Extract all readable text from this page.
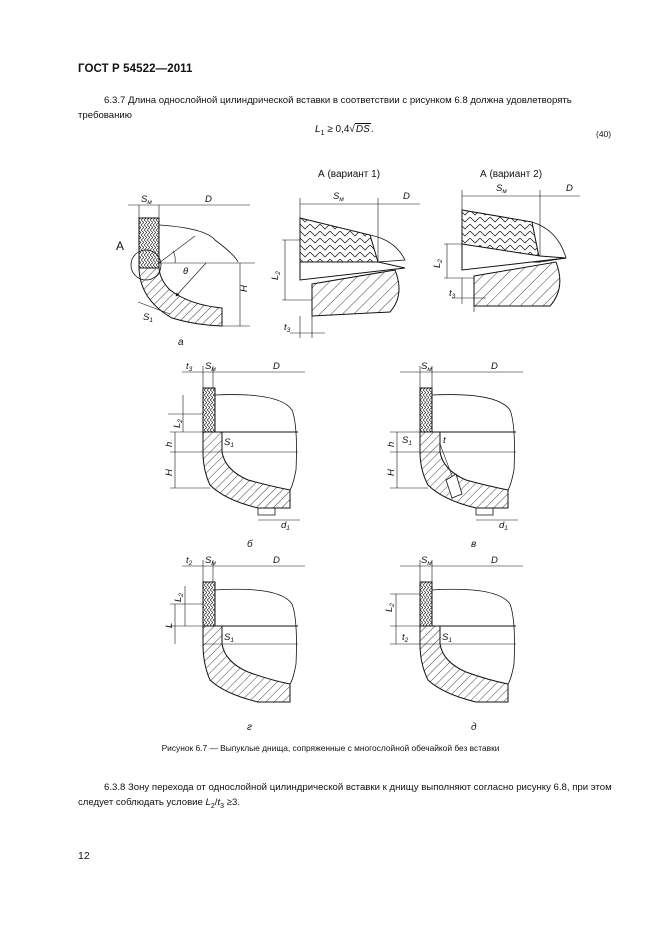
ГОСТ Р 54522—2011
6.3.7 Длина однослойной цилиндрической вставки в соответствии с рисунком 6.8 должна удовлетворять требованию
$L_1 \ge 0,4√DS$.	(40)
$S_м$	D
А
θ
H
$S_1$
а
А (вариант 1)
$S_м$	D
$L_2$
$t_3$
А (вариант 2)
$S_м$	D
$L_2$
$t_3$
$t_3$ $S_м$	D
$L_2$
h
H
$S_1$
$d_1$
б
$S_м$	D
$S_1$	t
h
H
$d_1$
в
$t_2$ $S_м$	D
$L_2$
L
$S_1$
г
$S_м$	D
$L_2$
$t_2$	$S_1$
д
Рисунок 6.7 — Выпуклые днища, сопряженные с многослойной обечайкой без вставки
6.3.8 Зону перехода от однослойной цилиндрической вставки к днищу выполняют согласно рисунку 6.8, при этом следует соблюдать условие $L_2/t_3 \ge 3$.
12
